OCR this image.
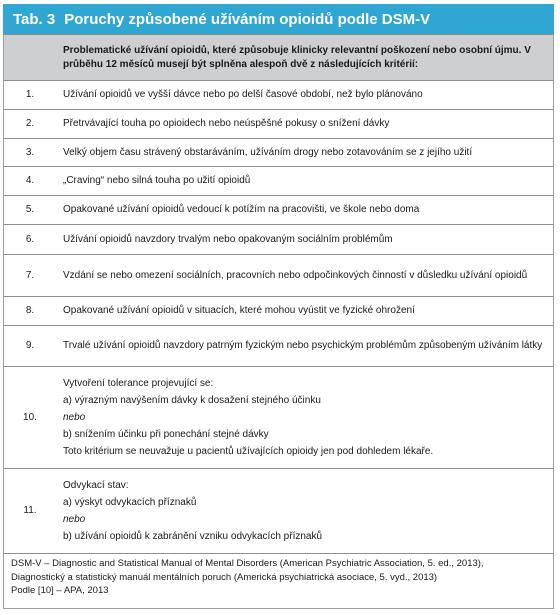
Tab. 3 Poruchy způsobené užíváním opioidů podle DSM-V
	Problematické užívání opioidů, které způsobuje klinicky relevantní poškození nebo osobní újmu. V průběhu 12 měsíců musejí být splněna alespoň dvě z následujících kritérií:
1.	Užívání opioidů ve vyšší dávce nebo po delší časové období, než bylo plánováno
2.	Přetrvávající touha po opioidech nebo neúspěšné pokusy o snížení dávky
3.	Velký objem času strávený obstaráváním, užíváním drogy nebo zotavováním se z jejího užití
4.	„Craving“ nebo silná touha po užití opioidů
5.	Opakované užívání opioidů vedoucí k potížím na pracovišti, ve škole nebo doma
6.	Užívání opioidů navzdory trvalým nebo opakovaným sociálním problémům
7.	Vzdání se nebo omezení sociálních, pracovních nebo odpočinkových činností v důsledku užívání opioidů
8.	Opakované užívání opioidů v situacích, které mohou vyústit ve fyzické ohrožení
9.	Trvalé užívání opioidů navzdory patrným fyzickým nebo psychickým problémům způsobeným užíváním látky
10.	Vytvoření tolerance projevující se:
a) výrazným navýšením dávky k dosažení stejného účinku
nebo
b) snížením účinku při ponechání stejné dávky
Toto kritérium se neuvažuje u pacientů užívajících opioidy jen pod dohledem lékaře.

11.	Odvykací stav:
a) výskyt odvykacích příznaků
nebo
b) užívání opioidů k zabránění vzniku odvykacích příznaků
DSM-V – Diagnostic and Statistical Manual of Mental Disorders (American Psychiatric Association, 5. ed., 2013),
Diagnostický a statistický manuál mentálních poruch (Americká psychiatrická asociace, 5. vyd., 2013)
Podle [10] – APA, 2013
